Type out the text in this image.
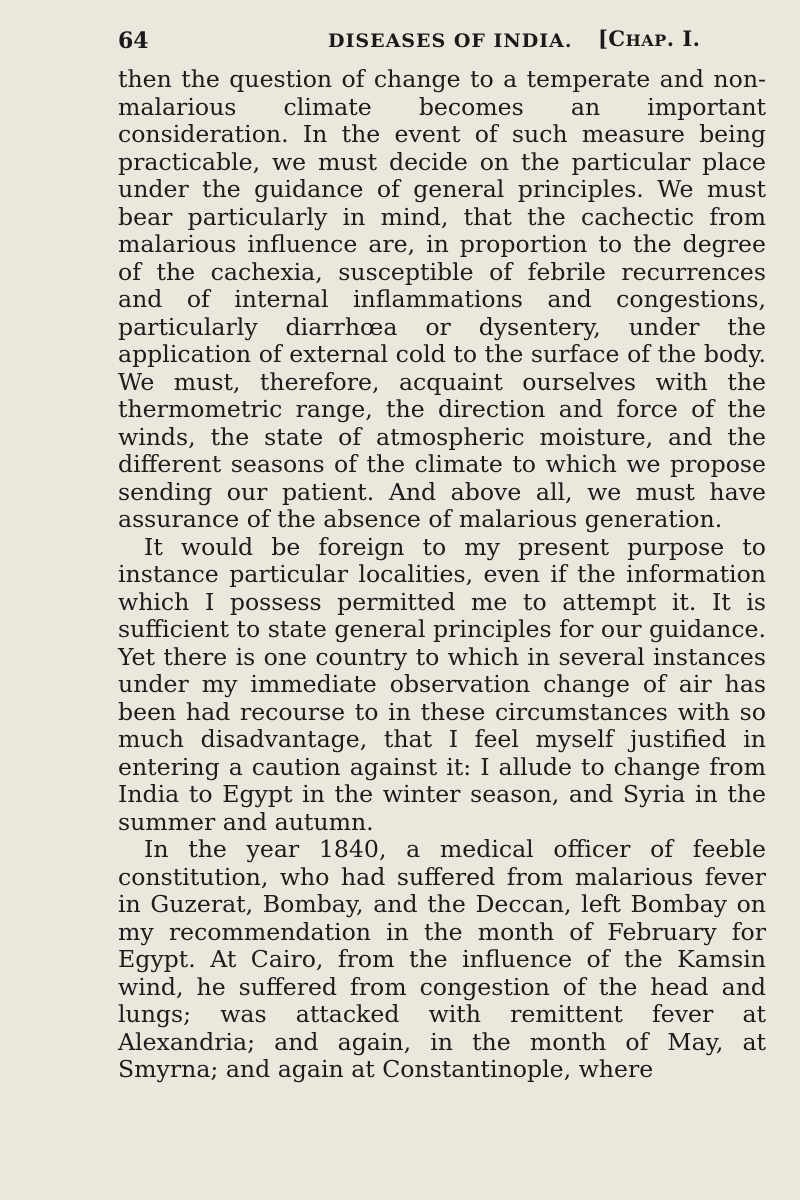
64	DISEASES OF INDIA. [CHAP. I.

then the question of change to a temperate and non-malarious climate becomes an important consideration. In the event of such measure being practicable, we must decide on the particular place under the guidance of general principles. We must bear particularly in mind, that the cachectic from malarious influence are, in proportion to the degree of the cachexia, susceptible of febrile recurrences and of internal inflammations and congestions, particularly diarrhœa or dysentery, under the application of external cold to the surface of the body. We must, therefore, acquaint ourselves with the thermometric range, the direction and force of the winds, the state of atmospheric moisture, and the different seasons of the climate to which we propose sending our patient. And above all, we must have assurance of the absence of malarious generation.

It would be foreign to my present purpose to instance particular localities, even if the information which I possess permitted me to attempt it. It is sufficient to state general principles for our guidance. Yet there is one country to which in several instances under my immediate observation change of air has been had recourse to in these circumstances with so much disadvantage, that I feel myself justified in entering a caution against it: I allude to change from India to Egypt in the winter season, and Syria in the summer and autumn.

In the year 1840, a medical officer of feeble constitution, who had suffered from malarious fever in Guzerat, Bombay, and the Deccan, left Bombay on my recommendation in the month of February for Egypt. At Cairo, from the influence of the Kamsin wind, he suffered from congestion of the head and lungs; was attacked with remittent fever at Alexandria; and again, in the month of May, at Smyrna; and again at Constantinople, where
